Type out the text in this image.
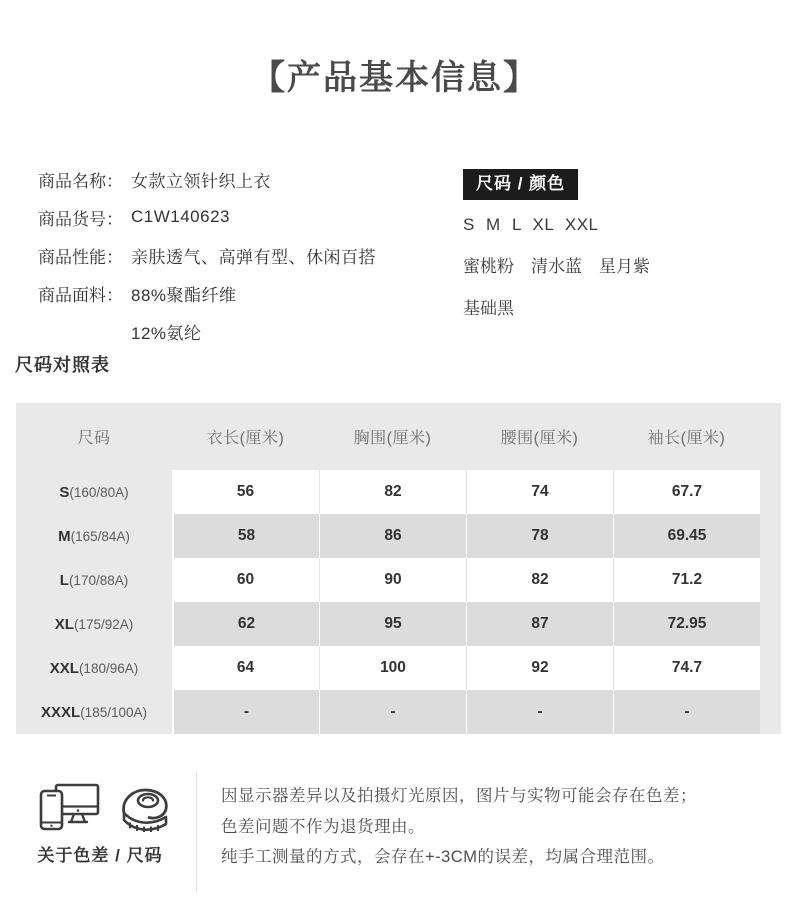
【产品基本信息】
商品名称： 女款立领针织上衣
商品货号： C1W140623
商品性能： 亲肤透气、高弹有型、休闲百搭
商品面料： 88%聚酯纤维
12%氨纶
尺码 / 颜色
S M L XL XXL
蜜桃粉 清水蓝 星月紫
基础黑
尺码对照表
尺码	衣长(厘米)	胸围(厘米)	腰围(厘米)	袖长(厘米)
S (160/80A)	56	82	74	67.7
M (165/84A)	58	86	78	69.45
L (170/88A)	60	90	82	71.2
XL (175/92A)	62	95	87	72.95
XXL (180/96A)	64	100	92	74.7
XXXL (185/100A)	-	-	-	-
关于色差 / 尺码
因显示器差异以及拍摄灯光原因，图片与实物可能会存在色差；
色差问题不作为退货理由。
纯手工测量的方式，会存在+-3CM的误差，均属合理范围。
